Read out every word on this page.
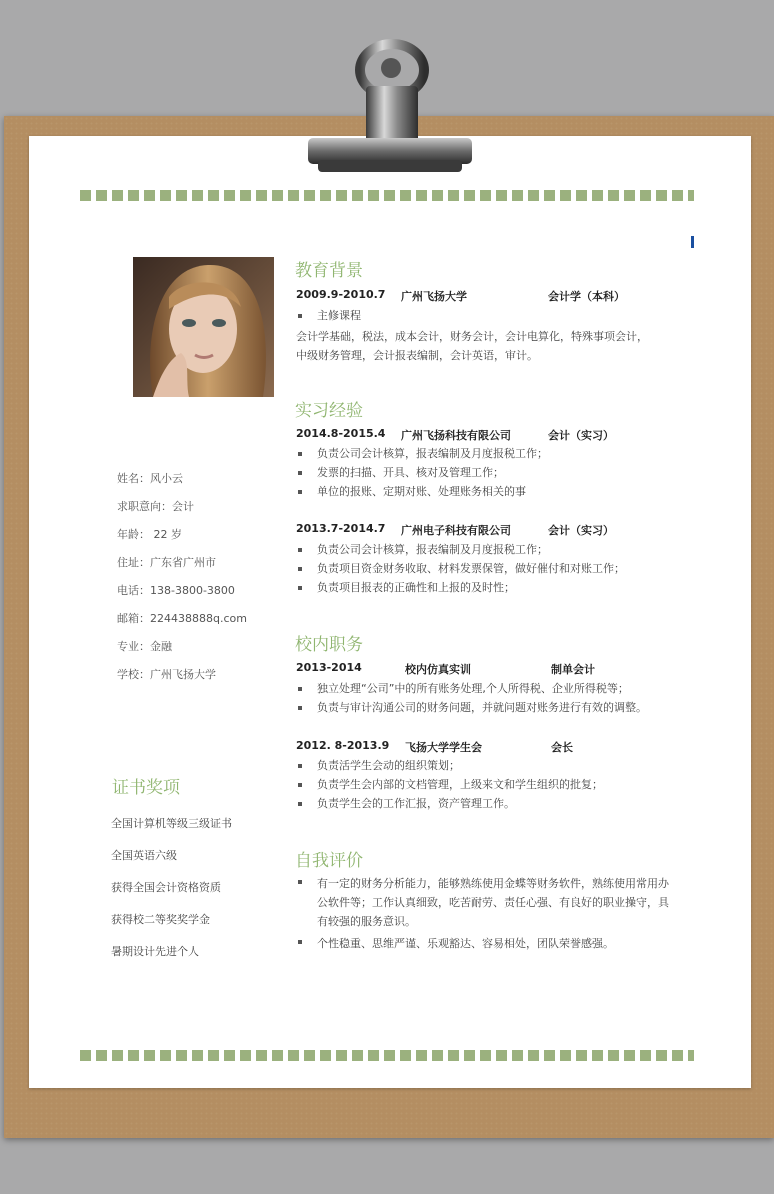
教育背景
2009.9-2010.7 广州飞扬大学	会计学（本科）
主修课程
会计学基础，税法，成本会计，财务会计，会计电算化，特殊事项会计，
中级财务管理，会计报表编制，会计英语，审计。
实习经验
2014.8-2015.4 广州飞扬科技有限公司	会计（实习）
负责公司会计核算，报表编制及月度报税工作；
发票的扫描、开具、核对及管理工作；
单位的报账、定期对账、处理账务相关的事
2013.7-2014.7 广州电子科技有限公司	会计（实习）
负责公司会计核算，报表编制及月度报税工作；
负责项目资金财务收取、材料发票保管，做好催付和对账工作；
负责项目报表的正确性和上报的及时性；
校内职务
2013-2014	校内仿真实训	制单会计
独立处理“公司”中的所有账务处理,个人所得税、企业所得税等；
负责与审计沟通公司的财务问题，并就问题对账务进行有效的调整。
2012. 8-2013.9 飞扬大学学生会	会长
负责活学生会动的组织策划；
负责学生会内部的文档管理，上级来文和学生组织的批复；
负责学生会的工作汇报，资产管理工作。
自我评价
有一定的财务分析能力，能够熟练使用金蝶等财务软件，熟练使用常用办公软件等；工作认真细致，吃苦耐劳、责任心强、有良好的职业操守，具有较强的服务意识。
个性稳重、思维严谨、乐观豁达、容易相处，团队荣誉感强。
姓名：风小云
求职意向：会计
年龄： 22 岁
住址：广东省广州市
电话：138-3800-3800
邮箱：224438888q.com
专业：金融
学校：广州飞扬大学
证书奖项
全国计算机等级三级证书
全国英语六级
获得全国会计资格资质
获得校二等奖奖学金
暑期设计先进个人
